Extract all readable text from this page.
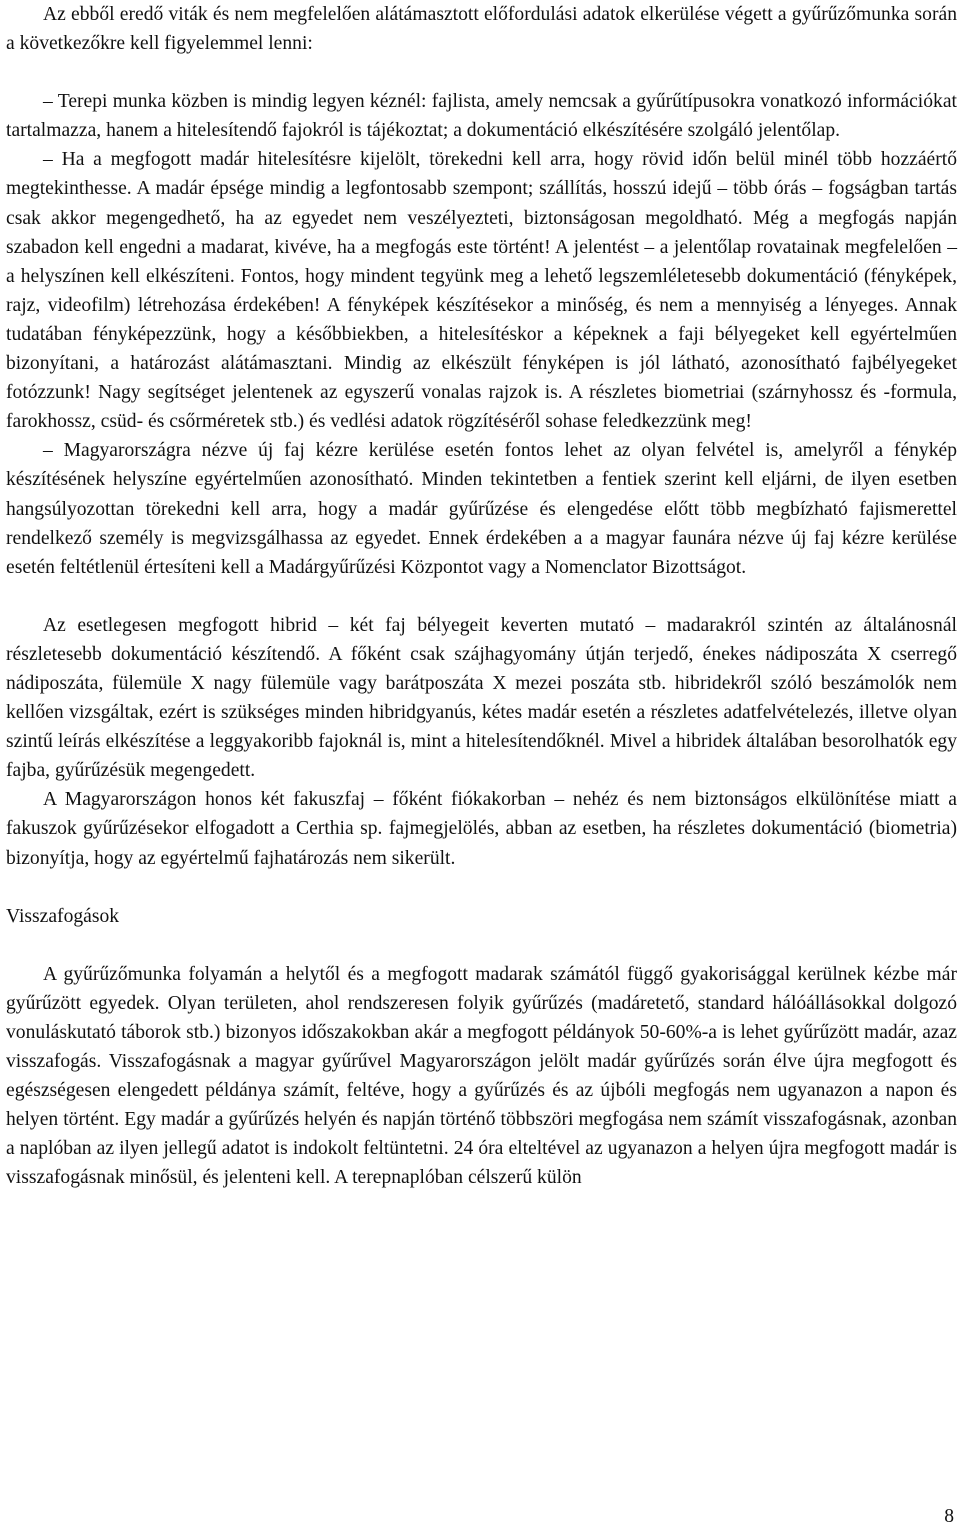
Az ebből eredő viták és nem megfelelően alátámasztott előfordulási adatok elkerülése végett a gyűrűzőmunka során a következőkre kell figyelemmel lenni:

– Terepi munka közben is mindig legyen kéznél: fajlista, amely nemcsak a gyűrűtípusokra vonatkozó információkat tartalmazza, hanem a hitelesítendő fajokról is tájékoztat; a dokumentáció elkészítésére szolgáló jelentőlap.

– Ha a megfogott madár hitelesítésre kijelölt, törekedni kell arra, hogy rövid időn belül minél több hozzáértő megtekinthesse. A madár épsége mindig a legfontosabb szempont; szállítás, hosszú idejű – több órás – fogságban tartás csak akkor megengedhető, ha az egyedet nem veszélyezteti, biztonságosan megoldható. Még a megfogás napján szabadon kell engedni a madarat, kivéve, ha a megfogás este történt! A jelentést – a jelentőlap rovatainak megfelelően – a helyszínen kell elkészíteni. Fontos, hogy mindent tegyünk meg a lehető legszemléletesebb dokumentáció (fényképek, rajz, videofilm) létrehozása érdekében! A fényképek készítésekor a minőség, és nem a mennyiség a lényeges. Annak tudatában fényképezzünk, hogy a későbbiekben, a hitelesítéskor a képeknek a faji bélyegeket kell egyértelműen bizonyítani, a határozást alátámasztani. Mindig az elkészült fényképen is jól látható, azonosítható fajbélyegeket fotózzunk! Nagy segítséget jelentenek az egyszerű vonalas rajzok is. A részletes biometriai (szárnyhossz és -formula, farokhossz, csüd- és csőrméretek stb.) és vedlési adatok rögzítéséről sohase feledkezzünk meg!

– Magyarországra nézve új faj kézre kerülése esetén fontos lehet az olyan felvétel is, amelyről a fénykép készítésének helyszíne egyértelműen azonosítható. Minden tekintetben a fentiek szerint kell eljárni, de ilyen esetben hangsúlyozottan törekedni kell arra, hogy a madár gyűrűzése és elengedése előtt több megbízható fajismerettel rendelkező személy is megvizsgálhassa az egyedet. Ennek érdekében a a magyar faunára nézve új faj kézre kerülése esetén feltétlenül értesíteni kell a Madárgyűrűzési Központot vagy a Nomenclator Bizottságot.

Az esetlegesen megfogott hibrid – két faj bélyegeit keverten mutató – madarakról szintén az általánosnál részletesebb dokumentáció készítendő. A főként csak szájhagyomány útján terjedő, énekes nádiposzáta X cserregő nádiposzáta, fülemüle X nagy fülemüle vagy barátposzáta X mezei poszáta stb. hibridekről szóló beszámolók nem kellően vizsgáltak, ezért is szükséges minden hibridgyanús, kétes madár esetén a részletes adatfelvételezés, illetve olyan szintű leírás elkészítése a leggyakoribb fajoknál is, mint a hitelesítendőknél. Mivel a hibridek általában besorolhatók egy fajba, gyűrűzésük megengedett.

A Magyarországon honos két fakuszfaj – főként fiókakorban – nehéz és nem biztonságos elkülönítése miatt a fakuszok gyűrűzésekor elfogadott a Certhia sp. fajmegjelölés, abban az esetben, ha részletes dokumentáció (biometria) bizonyítja, hogy az egyértelmű fajhatározás nem sikerült.

Visszafogások

A gyűrűzőmunka folyamán a helytől és a megfogott madarak számától függő gyakorisággal kerülnek kézbe már gyűrűzött egyedek. Olyan területen, ahol rendszeresen folyik gyűrűzés (madáretető, standard hálóállásokkal dolgozó vonuláskutató táborok stb.) bizonyos időszakokban akár a megfogott példányok 50-60%-a is lehet gyűrűzött madár, azaz visszafogás. Visszafogásnak a magyar gyűrűvel Magyarországon jelölt madár gyűrűzés során élve újra megfogott és egészségesen elengedett példánya számít, feltéve, hogy a gyűrűzés és az újbóli megfogás nem ugyanazon a napon és helyen történt. Egy madár a gyűrűzés helyén és napján történő többszöri megfogása nem számít visszafogásnak, azonban a naplóban az ilyen jellegű adatot is indokolt feltüntetni. 24 óra elteltével az ugyanazon a helyen újra megfogott madár is visszafogásnak minősül, és jelenteni kell. A terepnaplóban célszerű külön

8
